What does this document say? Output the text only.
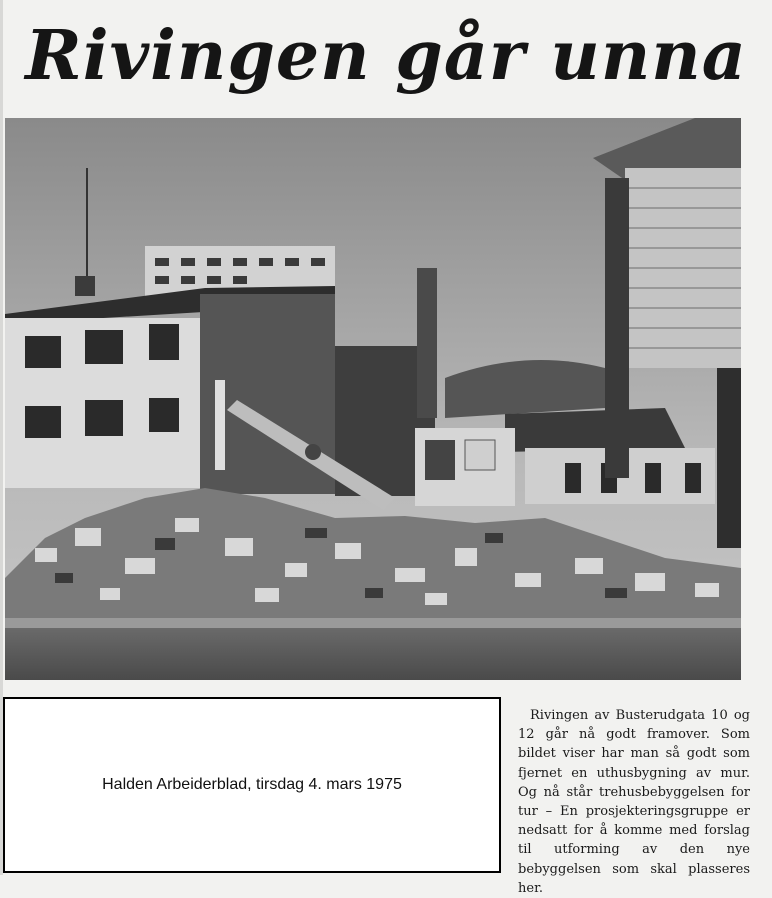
Rivingen går unna

Rivingen av Busterudgata 10 og 12 går nå godt framover. Som bildet viser har man så godt som fjernet en uthusbygning av mur. Og nå står trehusbebyggelsen for tur – En prosjekteringsgruppe er nedsatt for å komme med forslag til utforming av den nye bebyggelsen som skal plasseres her.

Halden Arbeiderblad, tirsdag 4. mars 1975
